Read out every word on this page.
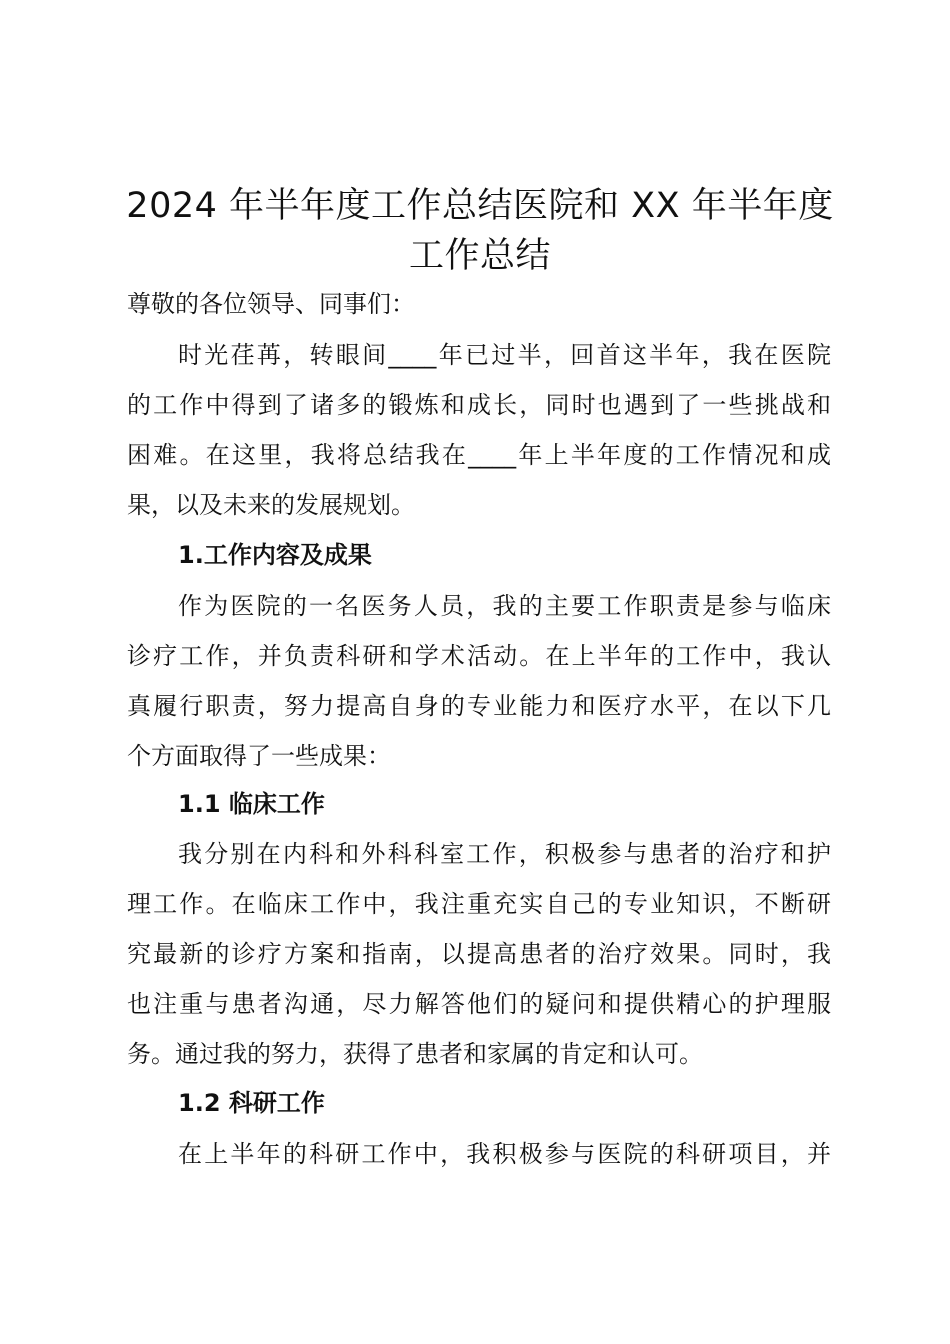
2024 年半年度工作总结医院和 XX 年半年度
工作总结

尊敬的各位领导、同事们：

时光荏苒，转眼间____年已过半，回首这半年，我在医院

的工作中得到了诸多的锻炼和成长，同时也遇到了一些挑战和

困难。在这里，我将总结我在____年上半年度的工作情况和成

果，以及未来的发展规划。

1.工作内容及成果

作为医院的一名医务人员，我的主要工作职责是参与临床

诊疗工作，并负责科研和学术活动。在上半年的工作中，我认

真履行职责，努力提高自身的专业能力和医疗水平，在以下几

个方面取得了一些成果：

1.1 临床工作

我分别在内科和外科科室工作，积极参与患者的治疗和护

理工作。在临床工作中，我注重充实自己的专业知识，不断研

究最新的诊疗方案和指南，以提高患者的治疗效果。同时，我

也注重与患者沟通，尽力解答他们的疑问和提供精心的护理服

务。通过我的努力，获得了患者和家属的肯定和认可。

1.2 科研工作

在上半年的科研工作中，我积极参与医院的科研项目，并
